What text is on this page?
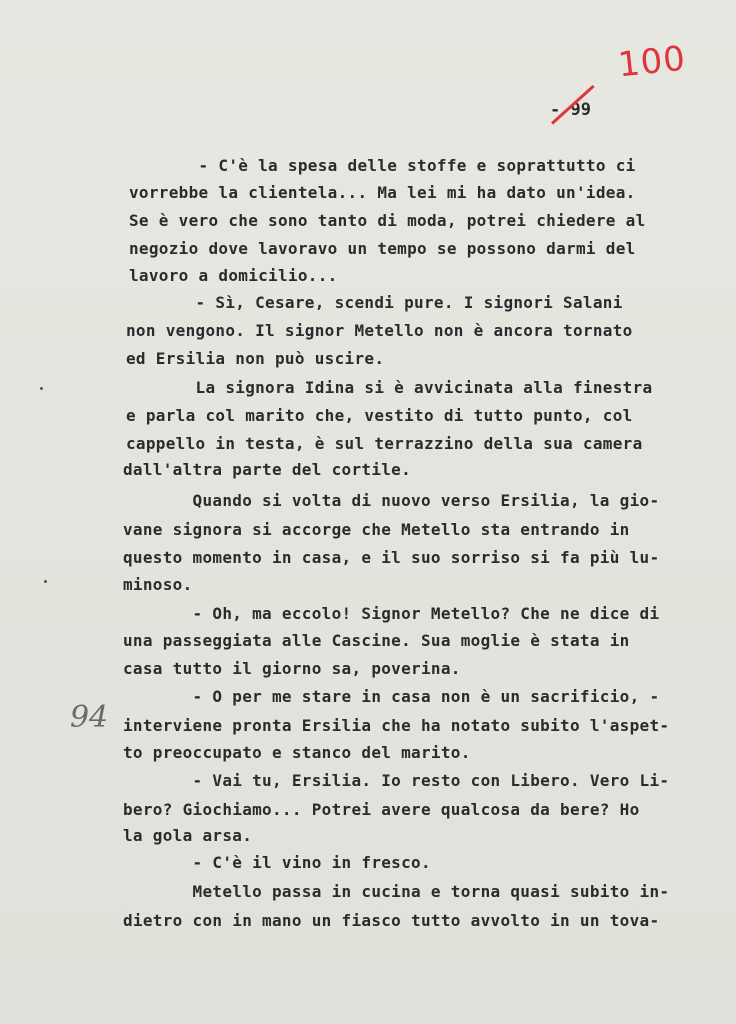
100
- 99
94
- C'è la spesa delle stoffe e soprattutto ci
vorrebbe la clientela... Ma lei mi ha dato un'idea.
Se è vero che sono tanto di moda, potrei chiedere al
negozio dove lavoravo un tempo se possono darmi del
lavoro a domicilio...
- Sì, Cesare, scendi pure. I signori Salani
non vengono. Il signor Metello non è ancora tornato
ed Ersilia non può uscire.
La signora Idina si è avvicinata alla finestra
e parla col marito che, vestito di tutto punto, col
cappello in testa, è sul terrazzino della sua camera
dall'altra parte del cortile.
Quando si volta di nuovo verso Ersilia, la gio-
vane signora si accorge che Metello sta entrando in
questo momento in casa, e il suo sorriso si fa più lu-
minoso.
- Oh, ma eccolo! Signor Metello? Che ne dice di
una passeggiata alle Cascine. Sua moglie è stata in
casa tutto il giorno sa, poverina.
- O per me stare in casa non è un sacrificio, -
interviene pronta Ersilia che ha notato subito l'aspet-
to preoccupato e stanco del marito.
- Vai tu, Ersilia. Io resto con Libero. Vero Li-
bero? Giochiamo... Potrei avere qualcosa da bere? Ho
la gola arsa.
- C'è il vino in fresco.
Metello passa in cucina e torna quasi subito in-
dietro con in mano un fiasco tutto avvolto in un tova-
